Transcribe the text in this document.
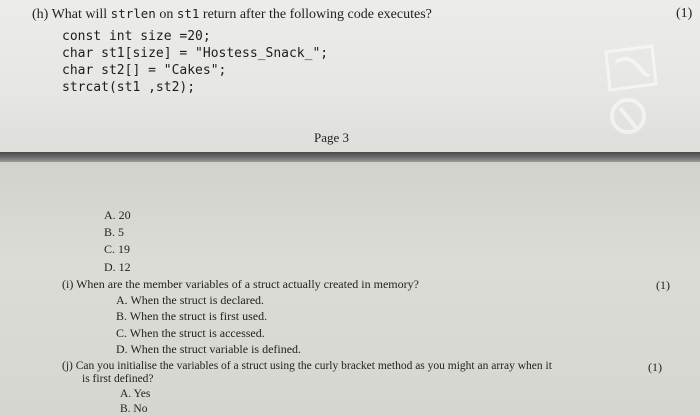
(h) What will strlen on st1 return after the following code executes?	(1)
const int size =20;
char st1[size] = "Hostess_Snack_";
char st2[] = "Cakes";
strcat(st1 ,st2);
Page 3
A. 20
B. 5
C. 19
D. 12
(i) When are the member variables of a struct actually created in memory?	(1)
A. When the struct is declared.
B. When the struct is first used.
C. When the struct is accessed.
D. When the struct variable is defined.
(j) Can you initialise the variables of a struct using the curly bracket method as you might an array when it	(1)
is first defined?
A. Yes
B. No
